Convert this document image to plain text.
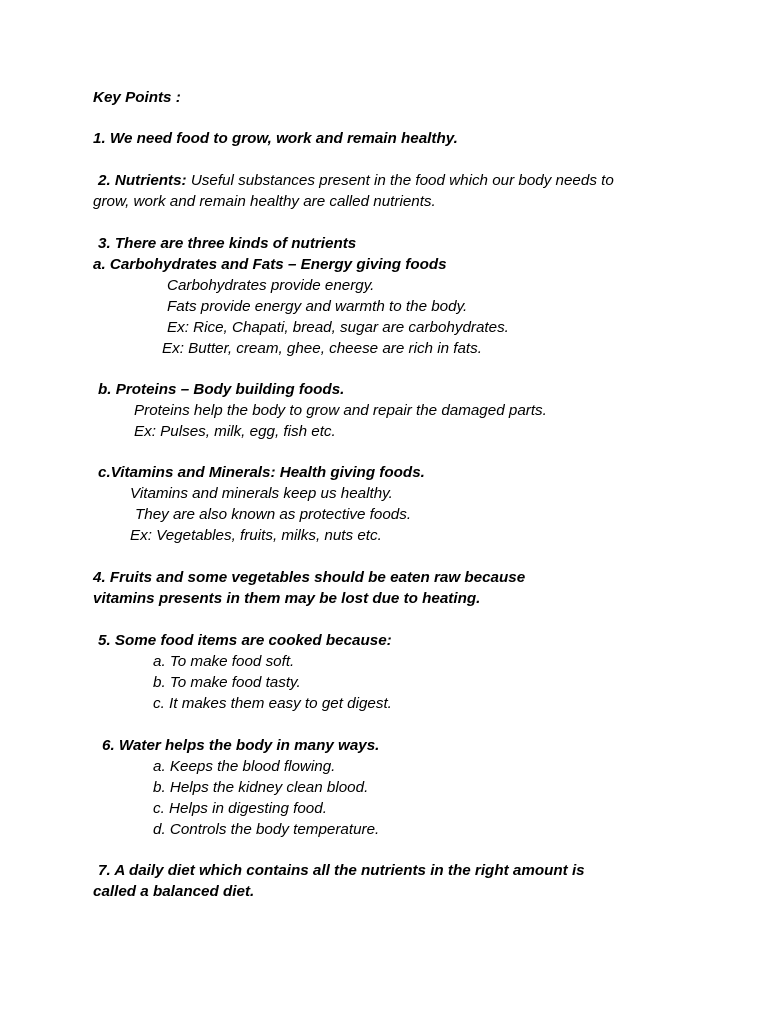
Key Points :
1. We need food to grow, work and remain healthy.
2. Nutrients: Useful substances present in the food which our body needs to
grow, work and remain healthy are called nutrients.
3. There are three kinds of nutrients
a. Carbohydrates and Fats – Energy giving foods
Carbohydrates provide energy.
Fats provide energy and warmth to the body.
Ex: Rice, Chapati, bread, sugar are carbohydrates.
Ex: Butter, cream, ghee, cheese are rich in fats.
b. Proteins – Body building foods.
Proteins help the body to grow and repair the damaged parts.
Ex: Pulses, milk, egg, fish etc.
c.Vitamins and Minerals: Health giving foods.
Vitamins and minerals keep us healthy.
They are also known as protective foods.
Ex: Vegetables, fruits, milks, nuts etc.
4. Fruits and some vegetables should be eaten raw because
vitamins presents in them may be lost due to heating.
5. Some food items are cooked because:
a. To make food soft.
b. To make food tasty.
c. It makes them easy to get digest.
6. Water helps the body in many ways.
a. Keeps the blood flowing.
b. Helps the kidney clean blood.
c. Helps in digesting food.
d. Controls the body temperature.
7. A daily diet which contains all the nutrients in the right amount is
called a balanced diet.
